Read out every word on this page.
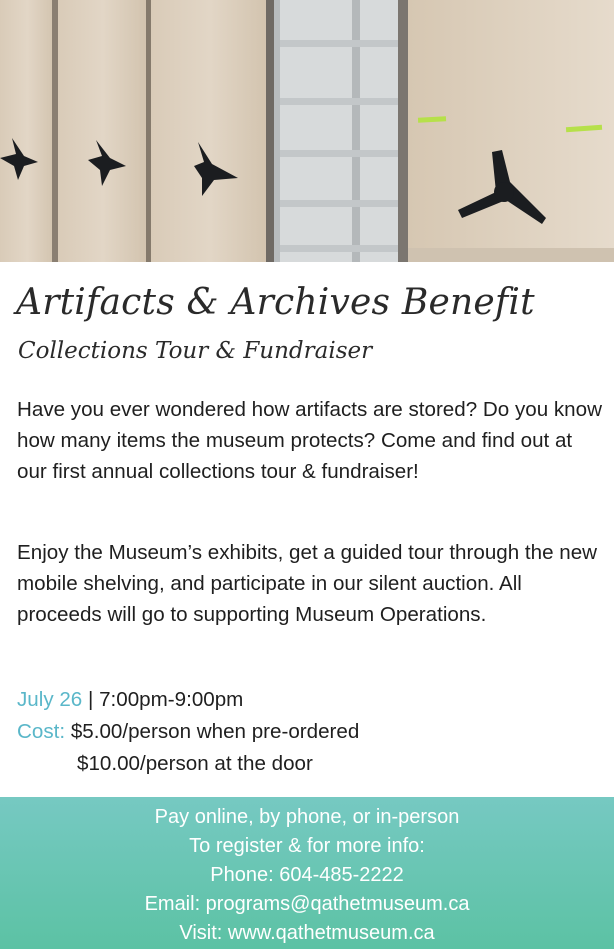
Artifacts & Archives Benefit
Collections Tour & Fundraiser
Have you ever wondered how artifacts are stored? Do you know how many items the museum protects? Come and find out at our first annual collections tour & fundraiser!
Enjoy the Museum’s exhibits, get a guided tour through the new mobile shelving, and participate in our silent auction. All proceeds will go to supporting Museum Operations.
July 26 | 7:00pm-9:00pm
Cost: $5.00/person when pre-ordered
$10.00/person at the door
Pay online, by phone, or in-person
To register & for more info:
Phone: 604-485-2222
Email: programs@qathetmuseum.ca
Visit: www.qathetmuseum.ca
